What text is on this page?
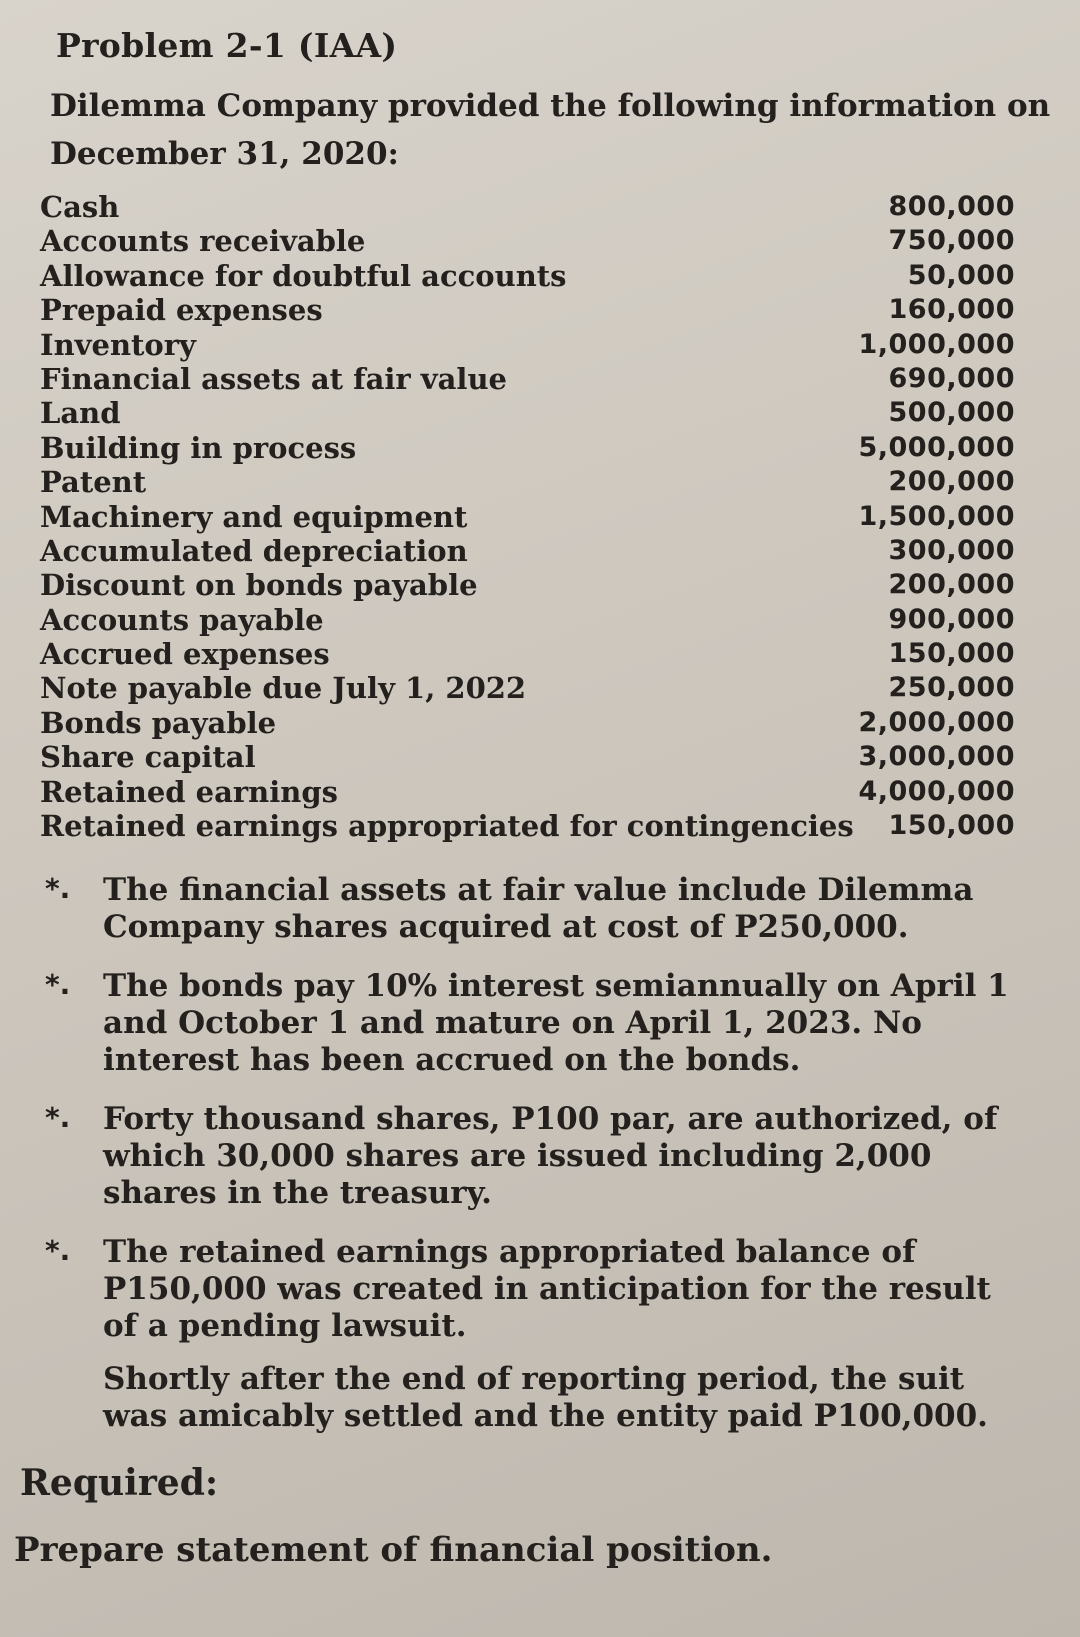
Problem 2-1 (IAA)
Dilemma Company provided the following information on
December 31, 2020:
Cash	800,000
Accounts receivable	750,000
Allowance for doubtful accounts	50,000
Prepaid expenses	160,000
Inventory	1,000,000
Financial assets at fair value	690,000
Land	500,000
Building in process	5,000,000
Patent	200,000
Machinery and equipment	1,500,000
Accumulated depreciation	300,000
Discount on bonds payable	200,000
Accounts payable	900,000
Accrued expenses	150,000
Note payable due July 1, 2022	250,000
Bonds payable	2,000,000
Share capital	3,000,000
Retained earnings	4,000,000
Retained earnings appropriated for contingencies 150,000
*.	The financial assets at fair value include Dilemma Company shares acquired at cost of P250,000.

*.	The bonds pay 10% interest semiannually on April 1 and October 1 and mature on April 1, 2023. No interest has been accrued on the bonds.

*.	Forty thousand shares, P100 par, are authorized, of which 30,000 shares are issued including 2,000 shares in the treasury.

*.	The retained earnings appropriated balance of P150,000 was created in anticipation for the result of a pending lawsuit.

Shortly after the end of reporting period, the suit was amicably settled and the entity paid P100,000.

Required:
Prepare statement of financial position.
